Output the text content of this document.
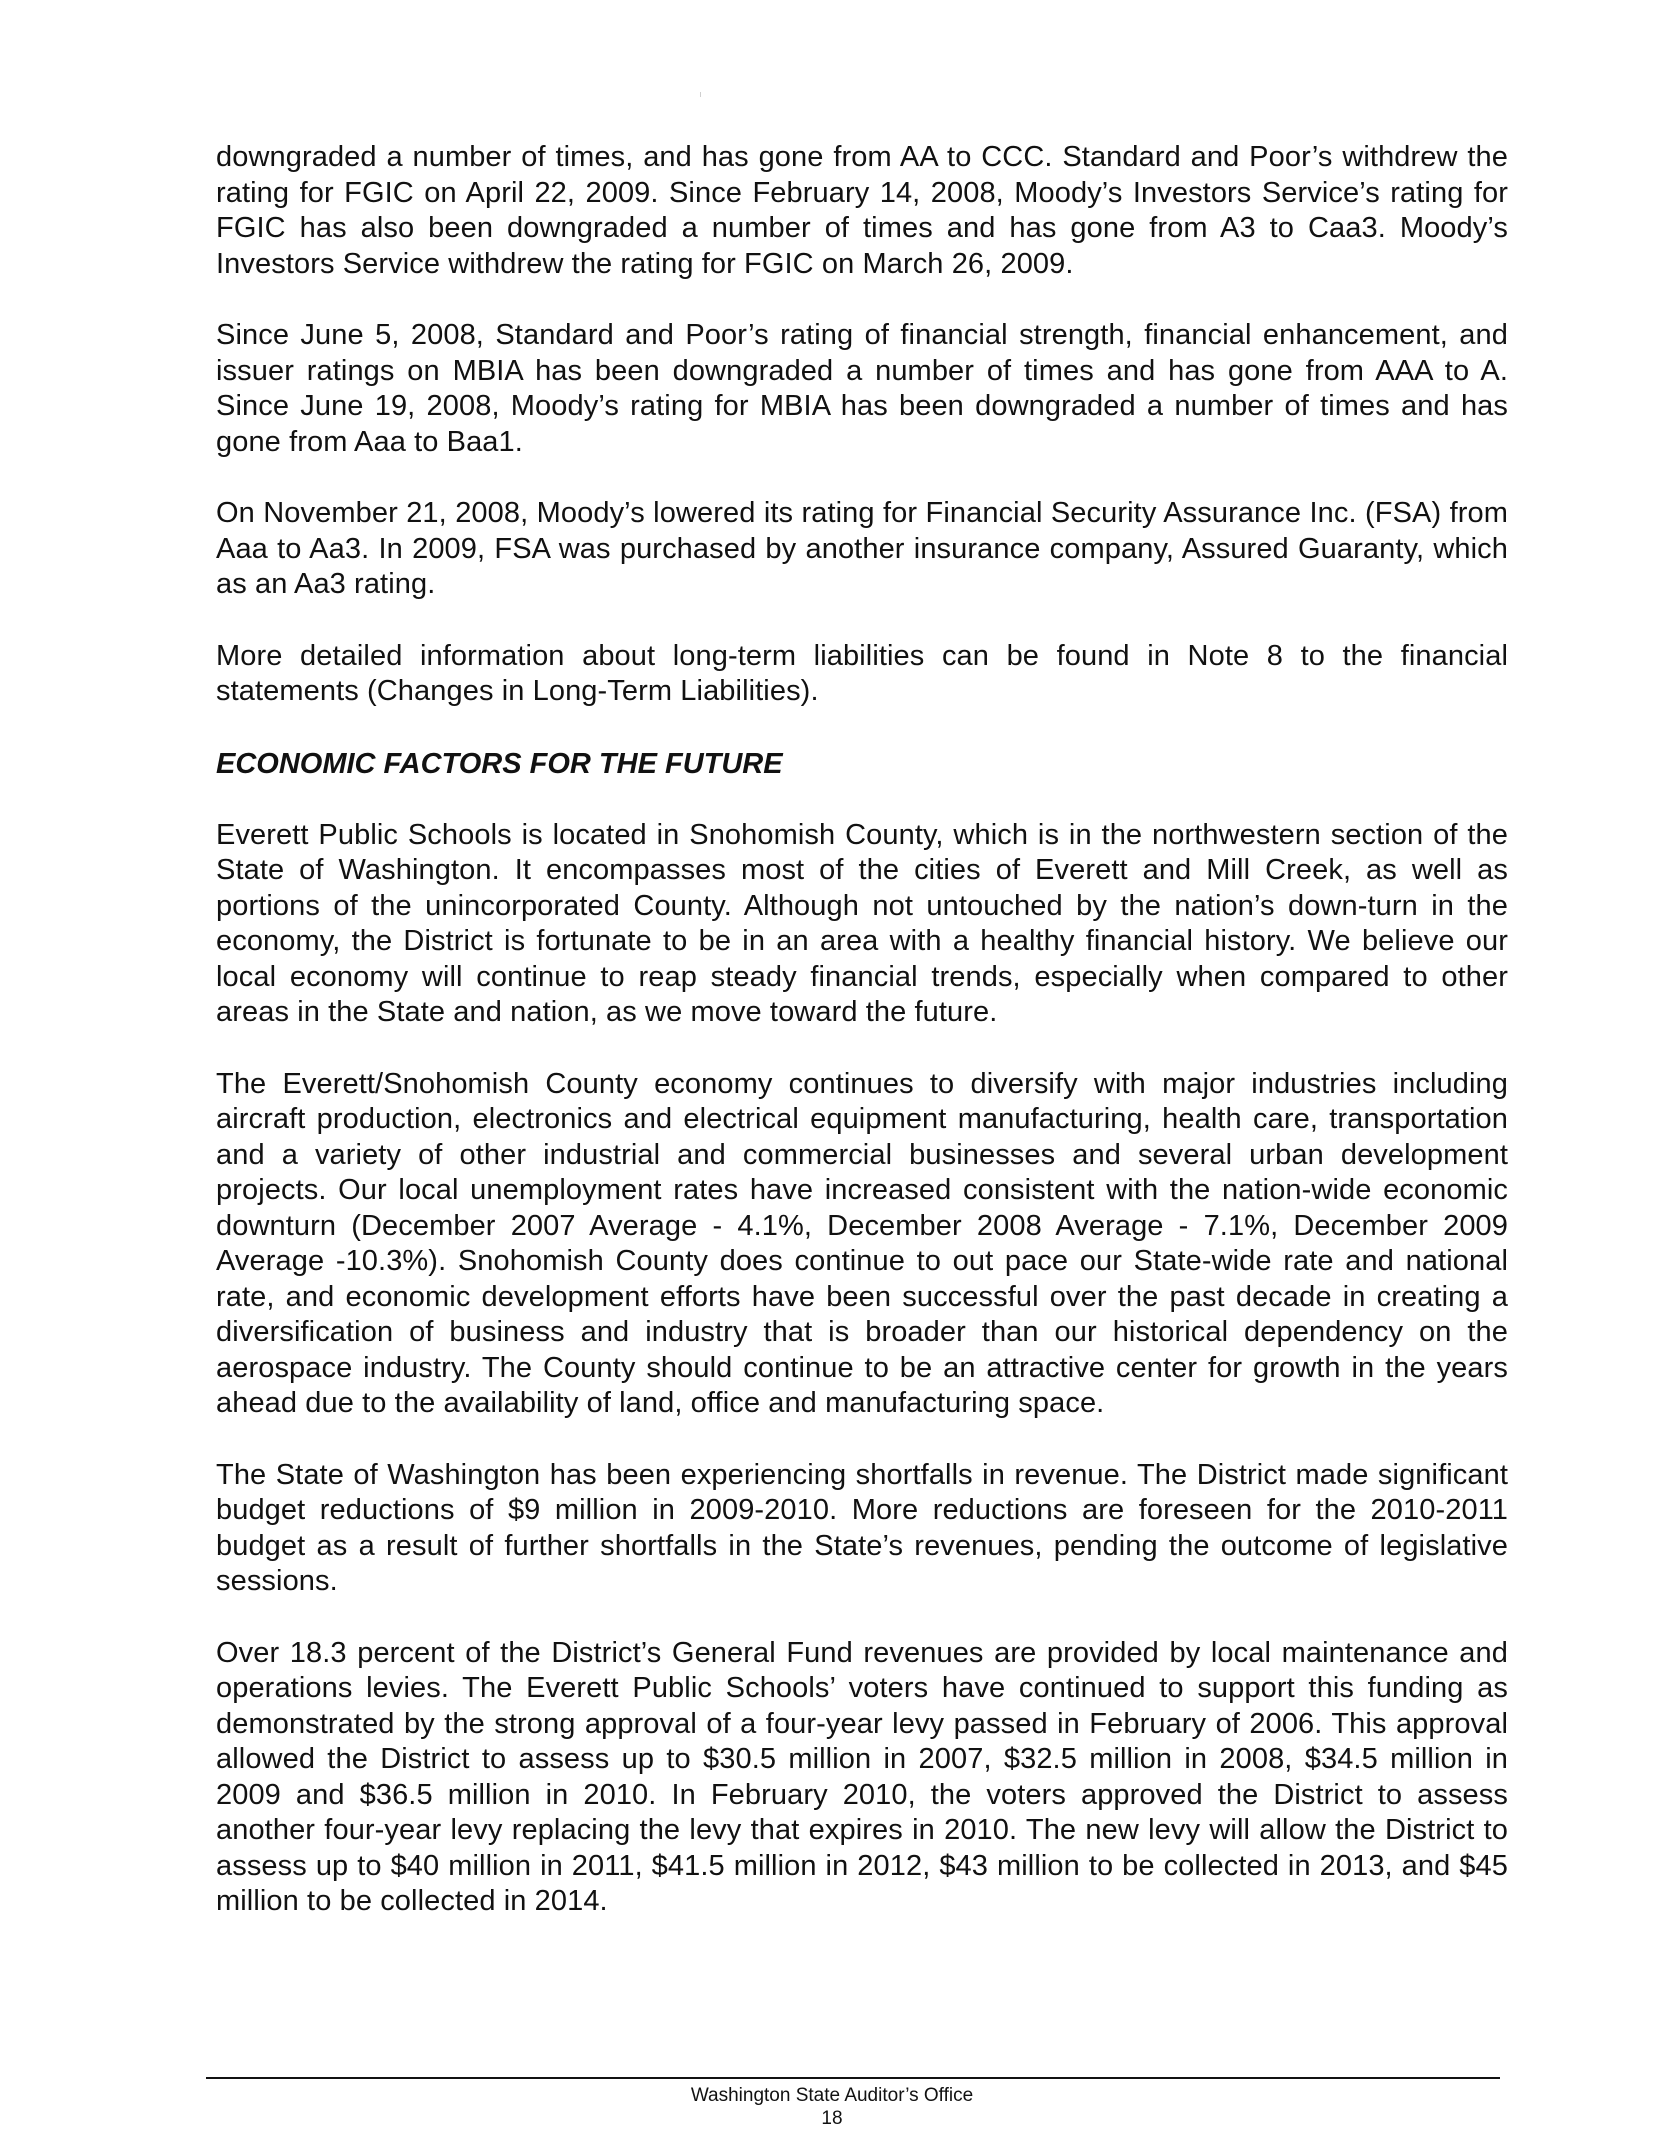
downgraded a number of times, and has gone from AA to CCC. Standard and Poor’s withdrew the rating for FGIC on April 22, 2009. Since February 14, 2008, Moody’s Investors Service’s rating for FGIC has also been downgraded a number of times and has gone from A3 to Caa3. Moody’s Investors Service withdrew the rating for FGIC on March 26, 2009.

Since June 5, 2008, Standard and Poor’s rating of financial strength, financial enhancement, and issuer ratings on MBIA has been downgraded a number of times and has gone from AAA to A. Since June 19, 2008, Moody’s rating for MBIA has been downgraded a number of times and has gone from Aaa to Baa1.

On November 21, 2008, Moody’s lowered its rating for Financial Security Assurance Inc. (FSA) from Aaa to Aa3. In 2009, FSA was purchased by another insurance company, Assured Guaranty, which as an Aa3 rating.

More detailed information about long-term liabilities can be found in Note 8 to the financial statements (Changes in Long-Term Liabilities).

ECONOMIC FACTORS FOR THE FUTURE

Everett Public Schools is located in Snohomish County, which is in the northwestern section of the State of Washington. It encompasses most of the cities of Everett and Mill Creek, as well as portions of the unincorporated County. Although not untouched by the nation’s down-turn in the economy, the District is fortunate to be in an area with a healthy financial history. We believe our local economy will continue to reap steady financial trends, especially when compared to other areas in the State and nation, as we move toward the future.

The Everett/Snohomish County economy continues to diversify with major industries including aircraft production, electronics and electrical equipment manufacturing, health care, transportation and a variety of other industrial and commercial businesses and several urban development projects. Our local unemployment rates have increased consistent with the nation-wide economic downturn (December 2007 Average - 4.1%, December 2008 Average - 7.1%, December 2009 Average -10.3%). Snohomish County does continue to out pace our State-wide rate and national rate, and economic development efforts have been successful over the past decade in creating a diversification of business and industry that is broader than our historical dependency on the aerospace industry. The County should continue to be an attractive center for growth in the years ahead due to the availability of land, office and manufacturing space.

The State of Washington has been experiencing shortfalls in revenue. The District made significant budget reductions of $9 million in 2009-2010. More reductions are foreseen for the 2010-2011 budget as a result of further shortfalls in the State’s revenues, pending the outcome of legislative sessions.

Over 18.3 percent of the District’s General Fund revenues are provided by local maintenance and operations levies. The Everett Public Schools’ voters have continued to support this funding as demonstrated by the strong approval of a four-year levy passed in February of 2006. This approval allowed the District to assess up to $30.5 million in 2007, $32.5 million in 2008, $34.5 million in 2009 and $36.5 million in 2010. In February 2010, the voters approved the District to assess another four-year levy replacing the levy that expires in 2010. The new levy will allow the District to assess up to $40 million in 2011, $41.5 million in 2012, $43 million to be collected in 2013, and $45 million to be collected in 2014.

Washington State Auditor’s Office
18
